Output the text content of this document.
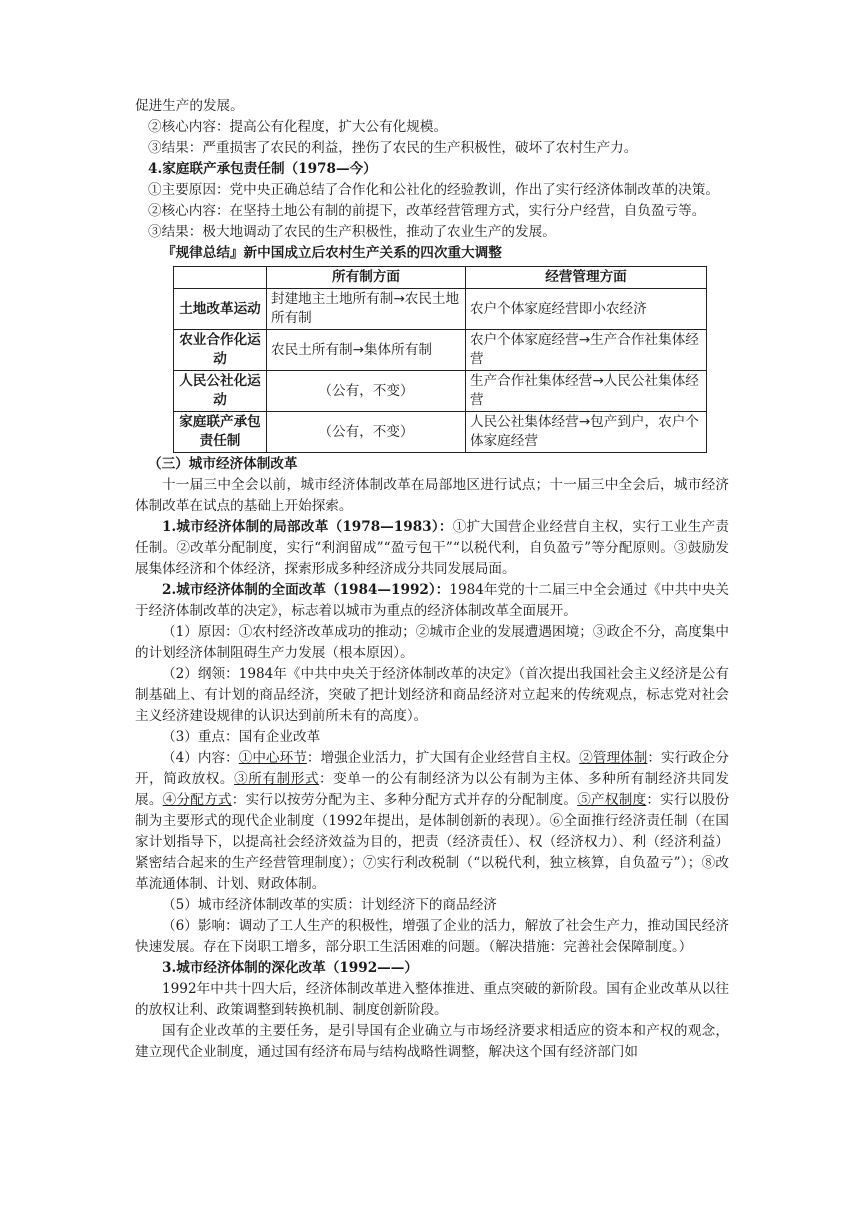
促进生产的发展。

②核心内容：提高公有化程度，扩大公有化规模。

③结果：严重损害了农民的利益，挫伤了农民的生产积极性，破坏了农村生产力。

4.家庭联产承包责任制（1978—今）

①主要原因：党中央正确总结了合作化和公社化的经验教训，作出了实行经济体制改革的决策。

②核心内容：在坚持土地公有制的前提下，改革经营管理方式，实行分户经营，自负盈亏等。

③结果：极大地调动了农民的生产积极性，推动了农业生产的发展。

『规律总结』新中国成立后农村生产关系的四次重大调整
	所有制方面	经营管理方面
土地改革运动	封建地主土地所有制→农民土地所有制	农户个体家庭经营即小农经济
农业合作化运动	农民土所有制→集体所有制	农户个体家庭经营→生产合作社集体经营
人民公社化运动	（公有，不变）	生产合作社集体经营→人民公社集体经营
家庭联产承包责任制	（公有，不变）	人民公社集体经营→包产到户，农户个体家庭经营

（三）城市经济体制改革

十一届三中全会以前，城市经济体制改革在局部地区进行试点；十一届三中全会后，城市经济体制改革在试点的基础上开始探索。

1.城市经济体制的局部改革（1978—1983）：①扩大国营企业经营自主权，实行工业生产责任制。②改革分配制度，实行“利润留成”“盈亏包干”“以税代利，自负盈亏”等分配原则。③鼓励发展集体经济和个体经济，探索形成多种经济成分共同发展局面。

2.城市经济体制的全面改革（1984—1992）：1984年党的十二届三中全会通过《中共中央关于经济体制改革的决定》，标志着以城市为重点的经济体制改革全面展开。

（1）原因：①农村经济改革成功的推动；②城市企业的发展遭遇困境；③政企不分，高度集中的计划经济体制阻碍生产力发展（根本原因）。

（2）纲领：1984年《中共中央关于经济体制改革的决定》（首次提出我国社会主义经济是公有制基础上、有计划的商品经济，突破了把计划经济和商品经济对立起来的传统观点，标志党对社会主义经济建设规律的认识达到前所未有的高度）。

（3）重点：国有企业改革

（4）内容：①中心环节：增强企业活力，扩大国有企业经营自主权。②管理体制：实行政企分开，简政放权。③所有制形式：变单一的公有制经济为以公有制为主体、多种所有制经济共同发展。④分配方式：实行以按劳分配为主、多种分配方式并存的分配制度。⑤产权制度：实行以股份制为主要形式的现代企业制度（1992年提出，是体制创新的表现）。⑥全面推行经济责任制（在国家计划指导下，以提高社会经济效益为目的，把责（经济责任）、权（经济权力）、利（经济利益）紧密结合起来的生产经营管理制度）；⑦实行利改税制（“以税代利，独立核算，自负盈亏”）；⑧改革流通体制、计划、财政体制。

（5）城市经济体制改革的实质：计划经济下的商品经济

（6）影响：调动了工人生产的积极性，增强了企业的活力，解放了社会生产力，推动国民经济快速发展。存在下岗职工增多，部分职工生活困难的问题。（解决措施：完善社会保障制度。）

3.城市经济体制的深化改革（1992——）

1992年中共十四大后，经济体制改革进入整体推进、重点突破的新阶段。国有企业改革从以往的放权让利、政策调整到转换机制、制度创新阶段。

国有企业改革的主要任务，是引导国有企业确立与市场经济要求相适应的资本和产权的观念，建立现代企业制度，通过国有经济布局与结构战略性调整，解决这个国有经济部门如
